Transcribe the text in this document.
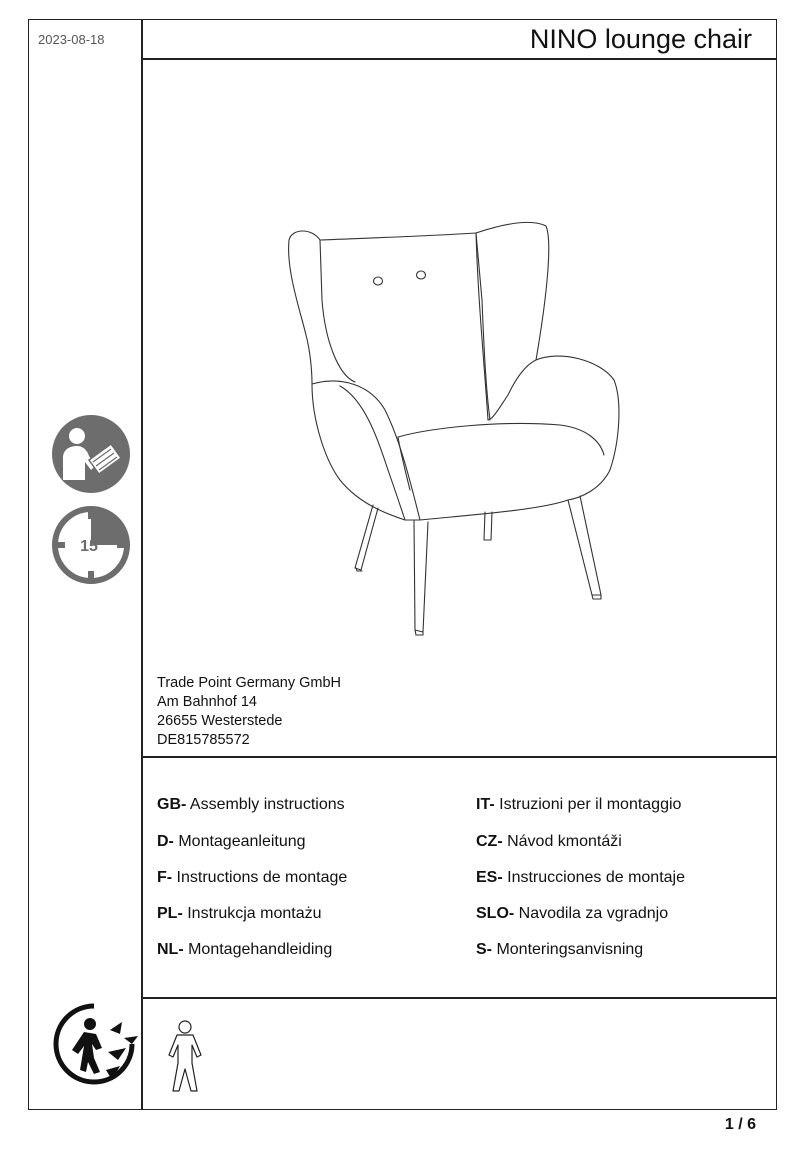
2023-08-18	NINO lounge chair
Trade Point Germany GmbH
Am Bahnhof 14
26655 Westerstede
DE815785572
GB- Assembly instructions	IT- Istruzioni per il montaggio
D- Montageanleitung	CZ- Návod kmontáži
F- Instructions de montage	ES- Instrucciones de montaje
PL- Instrukcja montażu	SLO- Navodila za vgradnjo
NL- Montagehandleiding	S- Monteringsanvisning
15
1 / 6
